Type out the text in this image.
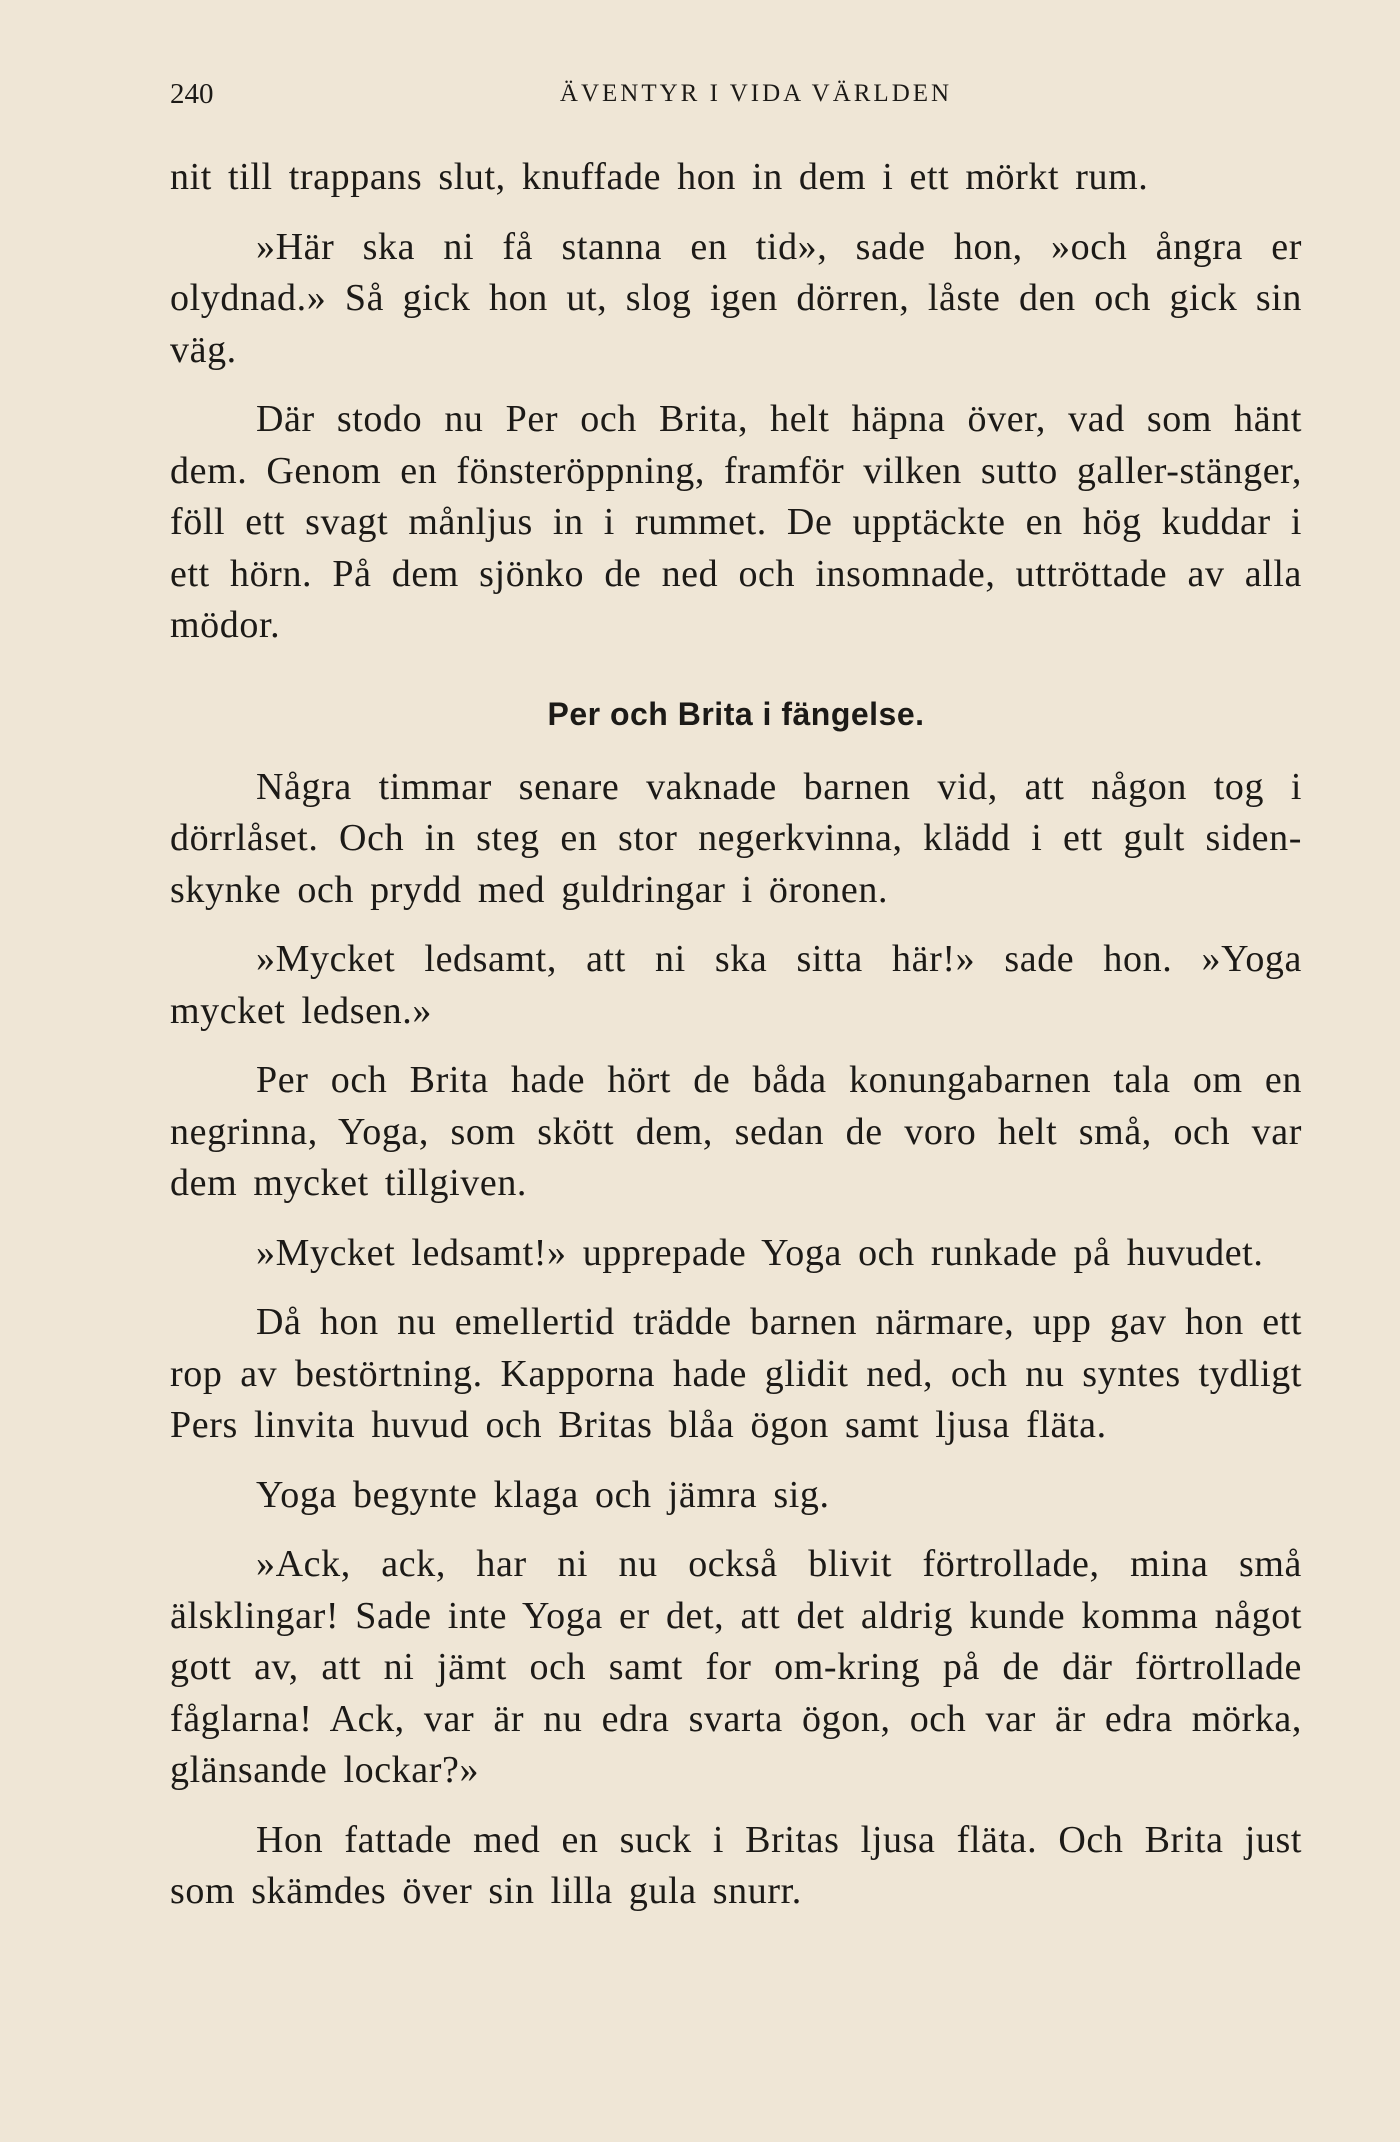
240	ÄVENTYR I VIDA VÄRLDEN

nit till trappans slut, knuffade hon in dem i ett mörkt rum.

»Här ska ni få stanna en tid», sade hon, »och ångra er olydnad.» Så gick hon ut, slog igen dörren, låste den och gick sin väg.

Där stodo nu Per och Brita, helt häpna över, vad som hänt dem. Genom en fönsteröppning, framför vilken sutto galler-stänger, föll ett svagt månljus in i rummet. De upptäckte en hög kuddar i ett hörn. På dem sjönko de ned och insomnade, uttröttade av alla mödor.

Per och Brita i fängelse.

Några timmar senare vaknade barnen vid, att någon tog i dörrlåset. Och in steg en stor negerkvinna, klädd i ett gult siden-skynke och prydd med guldringar i öronen.

»Mycket ledsamt, att ni ska sitta här!» sade hon. »Yoga mycket ledsen.»

Per och Brita hade hört de båda konungabarnen tala om en negrinna, Yoga, som skött dem, sedan de voro helt små, och var dem mycket tillgiven.

»Mycket ledsamt!» upprepade Yoga och runkade på huvudet.

Då hon nu emellertid trädde barnen närmare, upp gav hon ett rop av bestörtning. Kapporna hade glidit ned, och nu syntes tydligt Pers linvita huvud och Britas blåa ögon samt ljusa fläta.

Yoga begynte klaga och jämra sig.

»Ack, ack, har ni nu också blivit förtrollade, mina små älsklingar! Sade inte Yoga er det, att det aldrig kunde komma något gott av, att ni jämt och samt for om-kring på de där förtrollade fåglarna! Ack, var är nu edra svarta ögon, och var är edra mörka, glänsande lockar?»

Hon fattade med en suck i Britas ljusa fläta. Och Brita just som skämdes över sin lilla gula snurr.
